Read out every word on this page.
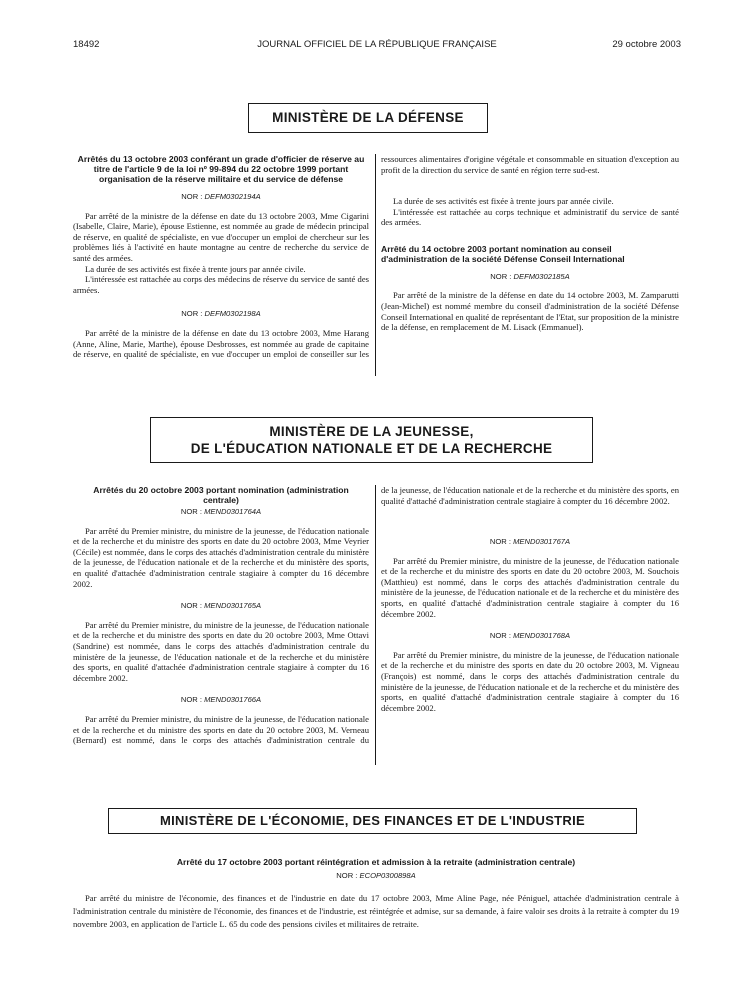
18492	JOURNAL OFFICIEL DE LA RÉPUBLIQUE FRANÇAISE	29 octobre 2003
MINISTÈRE DE LA DÉFENSE
Arrêtés du 13 octobre 2003 conférant un grade d'officier de réserve au titre de l'article 9 de la loi nº 99-894 du 22 octobre 1999 portant organisation de la réserve militaire et du service de défense
NOR : DEFM0302194A

Par arrêté de la ministre de la défense en date du 13 octobre 2003, Mme Cigarini (Isabelle, Claire, Marie), épouse Estienne, est nommée au grade de médecin principal de réserve, en qualité de spécialiste, en vue d'occuper un emploi de chercheur sur les problèmes liés à l'activité en haute montagne au centre de recherche du service de santé des armées.

La durée de ses activités est fixée à trente jours par année civile.

L'intéressée est rattachée au corps des médecins de réserve du service de santé des armées.

NOR : DEFM0302198A

Par arrêté de la ministre de la défense en date du 13 octobre 2003, Mme Harang (Anne, Aline, Marie, Marthe), épouse Desbrosses, est nommée au grade de capitaine de réserve, en qualité de spécialiste, en vue d'occuper un emploi de conseiller sur les

ressources alimentaires d'origine végétale et consommable en situation d'exception au profit de la direction du service de santé en région terre sud-est.

La durée de ses activités est fixée à trente jours par année civile.

L'intéressée est rattachée au corps technique et administratif du service de santé des armées.

Arrêté du 14 octobre 2003 portant nomination au conseil d'administration de la société Défense Conseil International
NOR : DEFM0302185A

Par arrêté de la ministre de la défense en date du 14 octobre 2003, M. Zamparutti (Jean-Michel) est nommé membre du conseil d'administration de la société Défense Conseil International en qualité de représentant de l'Etat, sur proposition de la ministre de la défense, en remplacement de M. Lisack (Emmanuel).

MINISTÈRE DE LA JEUNESSE,
DE L'ÉDUCATION NATIONALE ET DE LA RECHERCHE
Arrêtés du 20 octobre 2003 portant nomination (administration centrale)
NOR : MEND0301764A

Par arrêté du Premier ministre, du ministre de la jeunesse, de l'éducation nationale et de la recherche et du ministre des sports en date du 20 octobre 2003, Mme Veyrier (Cécile) est nommée, dans le corps des attachés d'administration centrale du ministère de la jeunesse, de l'éducation nationale et de la recherche et du ministère des sports, en qualité d'attachée d'administration centrale stagiaire à compter du 16 décembre 2002.

NOR : MEND0301765A

Par arrêté du Premier ministre, du ministre de la jeunesse, de l'éducation nationale et de la recherche et du ministre des sports en date du 20 octobre 2003, Mme Ottavi (Sandrine) est nommée, dans le corps des attachés d'administration centrale du ministère de la jeunesse, de l'éducation nationale et de la recherche et du ministère des sports, en qualité d'attachée d'administration centrale stagiaire à compter du 16 décembre 2002.

NOR : MEND0301766A

Par arrêté du Premier ministre, du ministre de la jeunesse, de l'éducation nationale et de la recherche et du ministre des sports en date du 20 octobre 2003, M. Verneau (Bernard) est nommé, dans le corps des attachés d'administration centrale du

de la jeunesse, de l'éducation nationale et de la recherche et du ministère des sports, en qualité d'attaché d'administration centrale stagiaire à compter du 16 décembre 2002.
NOR : MEND0301767A

Par arrêté du Premier ministre, du ministre de la jeunesse, de l'éducation nationale et de la recherche et du ministre des sports en date du 20 octobre 2003, M. Souchois (Matthieu) est nommé, dans le corps des attachés d'administration centrale du ministère de la jeunesse, de l'éducation nationale et de la recherche et du ministère des sports, en qualité d'attaché d'administration centrale stagiaire à compter du 16 décembre 2002.

NOR : MEND0301768A

Par arrêté du Premier ministre, du ministre de la jeunesse, de l'éducation nationale et de la recherche et du ministre des sports en date du 20 octobre 2003, M. Vigneau (François) est nommé, dans le corps des attachés d'administration centrale du ministère de la jeunesse, de l'éducation nationale et de la recherche et du ministère des sports, en qualité d'attaché d'administration centrale stagiaire à compter du 16 décembre 2002.

MINISTÈRE DE L'ÉCONOMIE, DES FINANCES ET DE L'INDUSTRIE
Arrêté du 17 octobre 2003 portant réintégration et admission à la retraite (administration centrale)
NOR : ECOP0300898A

Par arrêté du ministre de l'économie, des finances et de l'industrie en date du 17 octobre 2003, Mme Aline Page, née Péniguel, attachée d'administration centrale à l'administration centrale du ministère de l'économie, des finances et de l'industrie, est réintégrée et admise, sur sa demande, à faire valoir ses droits à la retraite à compter du 19 novembre 2003, en application de l'article L. 65 du code des pensions civiles et militaires de retraite.
